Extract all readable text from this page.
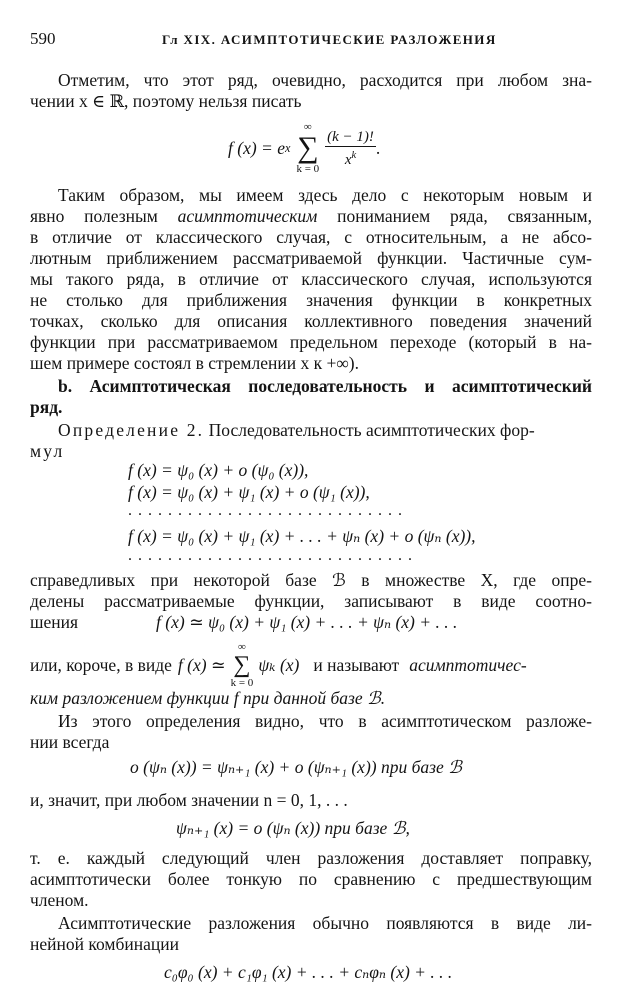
590	Гл XIX. АСИМПТОТИЧЕСКИЕ РАЗЛОЖЕНИЯ
Отметим, что этот ряд, очевидно, расходится при любом зна-
чении x ∈ ℝ, поэтому нельзя писать
f (x) = e x
∞
∑
k = 0
$\frac{(k - 1)!}{x^k}$ .
Таким образом, мы имеем здесь дело с некоторым новым и
явно полезным асимптотическим пониманием ряда, связанным,
в отличие от классического случая, с относительным, а не абсо-
лютным приближением расcматриваемой функции. Частичные сум-
мы такого ряда, в отличие от классического случая, используются
не столько для приближения значения функции в конкретных
точках, сколько для описания коллективного поведения значений
функции при рассматриваемом предельном переходе (который в на-
шем примере состоял в стремлении x к +∞).
b. Асимптотическая последовательность и асимптотический
ряд.
Определение 2. Последовательность асимптотических фор-
мул
f (x) = ψ₀ (x) + o (ψ₀ (x)),
f (x) = ψ₀ (x) + ψ₁ (x) + o (ψ₁ (x)),
. . . . . . . . . . . . . . . . . . . . . . . . . . . .
f (x) = ψ₀ (x) + ψ₁ (x) + . . . + ψₙ (x) + o (ψₙ (x)),
. . . . . . . . . . . . . . . . . . . . . . . . . . . . .
справедливых при некоторой базе ℬ в множестве X, где опре-
делены рассматриваемые функции, записывают в виде соотно-
шения	f (x) ≃ ψ₀ (x) + ψ₁ (x) + . . . + ψₙ (x) + . . .
или, короче, в виде f (x) ≃
∞
∑
k = 0
ψₖ (x) и называют асимптотичес-
ким разложением функции f при данной базе ℬ.
Из этого определения видно, что в асимптотическом разложе-
нии всегда
o (ψₙ (x)) = ψₙ₊₁ (x) + o (ψₙ₊₁ (x)) при базе ℬ
и, значит, при любом значении n = 0, 1, . . .
ψₙ₊₁ (x) = o (ψₙ (x)) при базе ℬ,
т. е. каждый следующий член разложения доставляет поправку,
асимптотически более тонкую по сравнению с предшествующим
членом.
Асимптотические разложения обычно появляются в виде ли-
нейной комбинации
c₀φ₀ (x) + c₁φ₁ (x) + . . . + cₙφₙ (x) + . . .
